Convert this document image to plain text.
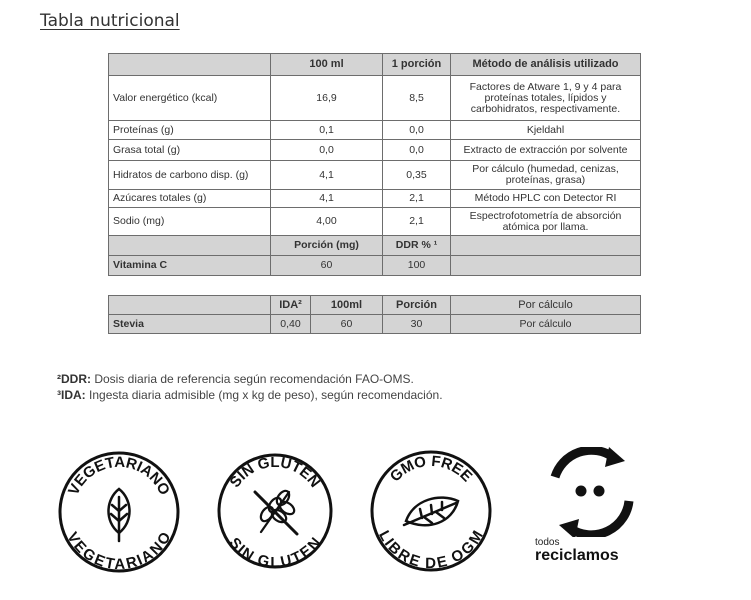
Tabla nutricional
	100 ml	1 porción	Método de análisis utilizado
Valor energético (kcal)	16,9	8,5	Factores de Atware 1, 9 y 4 para proteínas totales, lípidos y carbohidratos, respectivamente.
Proteínas (g)	0,1	0,0	Kjeldahl
Grasa total (g)	0,0	0,0	Extracto de extracción por solvente
Hidratos de carbono disp. (g)	4,1	0,35	Por cálculo (humedad, cenizas, proteínas, grasa)
Azúcares totales (g)	4,1	2,1	Método HPLC con Detector RI
Sodio (mg)	4,00	2,1	Espectrofotometría de absorción atómica por llama.
	Porción (mg)	DDR % ¹	
Vitamina C	60	100	
	IDA²	100ml	Porción	Por cálculo
Stevia	0,40	60	30	Por cálculo
²DDR: Dosis diaria de referencia según recomendación FAO-OMS.
³IDA: Ingesta diaria admisible (mg x kg de peso), según recomendación.
VEGETARIANO
VEGETARIANO
SIN GLUTEN
SIN GLUTEN
GMO FREE
LIBRE DE OGM	todos
reciclamos
